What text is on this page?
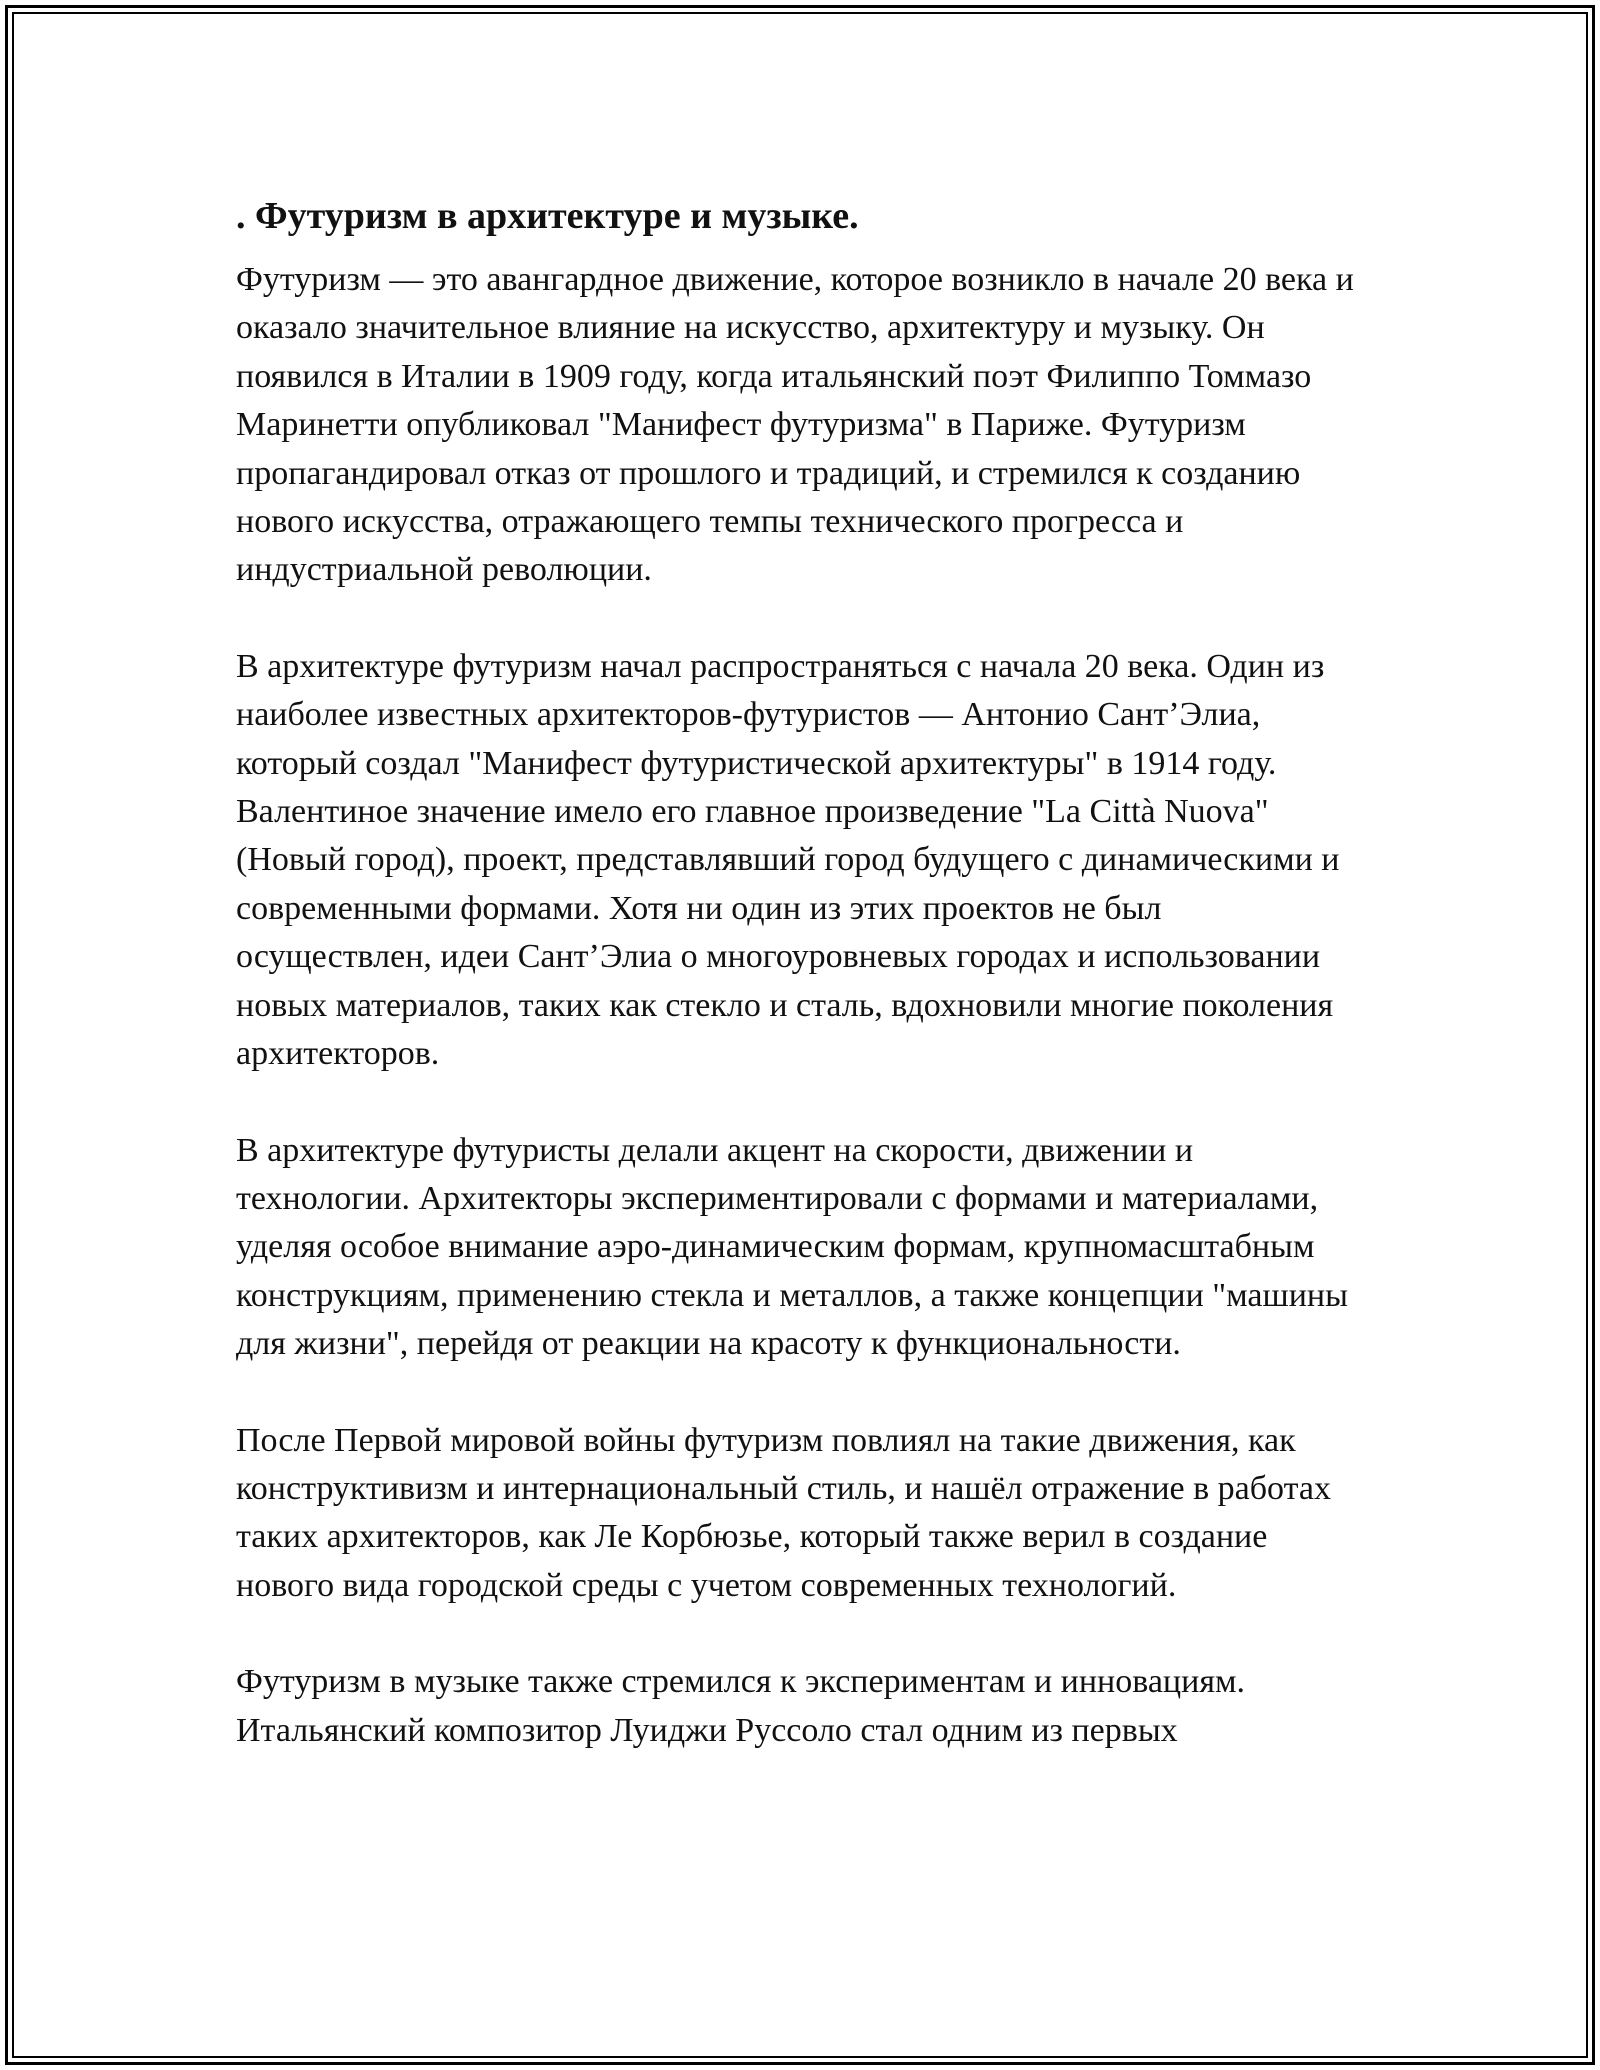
. Футуризм в архитектуре и музыке.

Футуризм — это авангардное движение, которое возникло в начале 20 века и оказало значительное влияние на искусство, архитектуру и музыку. Он появился в Италии в 1909 году, когда итальянский поэт Филиппо Томмазо Маринетти опубликовал "Манифест футуризма" в Париже. Футуризм пропагандировал отказ от прошлого и традиций, и стремился к созданию нового искусства, отражающего темпы технического прогресса и индустриальной революции.

В архитектуре футуризм начал распространяться с начала 20 века. Один из наиболее известных архитекторов-футуристов — Антонио Сант’Элиа, который создал "Манифест футуристической архитектуры" в 1914 году. Валентиное значение имело его главное произведение "La Città Nuova" (Новый город), проект, представлявший город будущего с динамическими и современными формами. Хотя ни один из этих проектов не был осуществлен, идеи Сант’Элиа о многоуровневых городах и использовании новых материалов, таких как стекло и сталь, вдохновили многие поколения архитекторов.

В архитектуре футуристы делали акцент на скорости, движении и технологии. Архитекторы экспериментировали с формами и материалами, уделяя особое внимание аэро-динамическим формам, крупномасштабным конструкциям, применению стекла и металлов, а также концепции "машины для жизни", перейдя от реакции на красоту к функциональности.

После Первой мировой войны футуризм повлиял на такие движения, как конструктивизм и интернациональный стиль, и нашёл отражение в работах таких архитекторов, как Ле Корбюзье, который также верил в создание нового вида городской среды с учетом современных технологий.

Футуризм в музыке также стремился к экспериментам и инновациям. Итальянский композитор Луиджи Руссоло стал одним из первых
